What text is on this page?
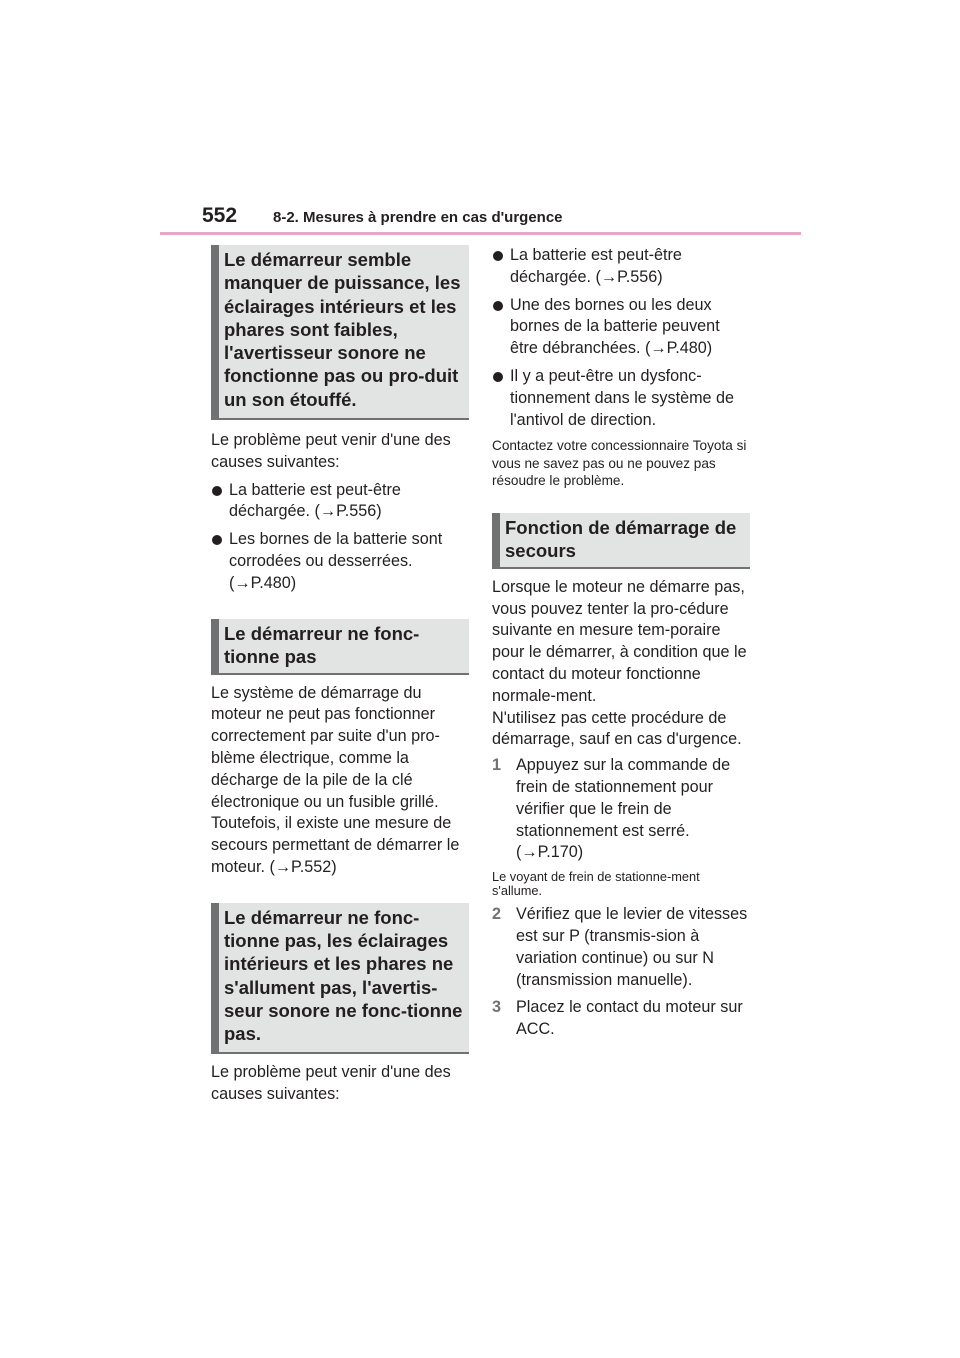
552 8-2. Mesures à prendre en cas d'urgence
Le démarreur semble manquer de puissance, les éclairages intérieurs et les phares sont faibles, l'avertisseur sonore ne fonctionne pas ou pro-duit un son étouffé.

Le problème peut venir d'une des causes suivantes:

La batterie est peut-être déchargée. (→P.556)
Les bornes de la batterie sont corrodées ou desserrées. (→P.480)
Le démarreur ne fonc-tionne pas

Le système de démarrage du moteur ne peut pas fonctionner correctement par suite d'un pro-blème électrique, comme la décharge de la pile de la clé électronique ou un fusible grillé. Toutefois, il existe une mesure de secours permettant de démarrer le moteur. (→P.552)

Le démarreur ne fonc-tionne pas, les éclairages intérieurs et les phares ne s'allument pas, l'avertis-seur sonore ne fonc-tionne pas.

Le problème peut venir d'une des causes suivantes:

La batterie est peut-être déchargée. (→P.556)
Une des bornes ou les deux bornes de la batterie peuvent être débranchées. (→P.480)
Il y a peut-être un dysfonc-tionnement dans le système de l'antivol de direction.

Contactez votre concessionnaire Toyota si vous ne savez pas ou ne pouvez pas résoudre le problème.

Fonction de démarrage de secours

Lorsque le moteur ne démarre pas, vous pouvez tenter la pro-cédure suivante en mesure tem-poraire pour le démarrer, à condition que le contact du moteur fonctionne normale-ment.

N'utilisez pas cette procédure de démarrage, sauf en cas d'urgence.

1 Appuyez sur la commande de frein de stationnement pour vérifier que le frein de stationnement est serré. (→P.170)

Le voyant de frein de stationne-ment s'allume.

2 Vérifiez que le levier de vitesses est sur P (transmis-sion à variation continue) ou sur N (transmission manuelle).
3 Placez le contact du moteur sur ACC.
